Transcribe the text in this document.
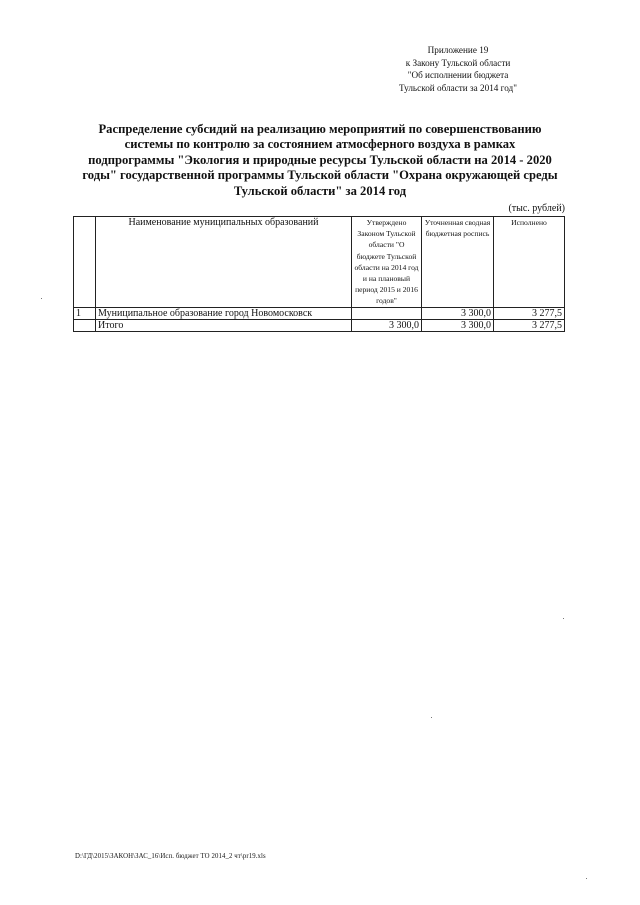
Приложение 19
к Закону Тульской области
"Об исполнении бюджета
Тульской области за 2014 год"
Распределение субсидий на реализацию мероприятий по совершенствованию
системы по контролю за состоянием атмосферного воздуха в рамках
подпрограммы "Экология и природные ресурсы Тульской области на 2014 - 2020
годы" государственной программы Тульской области "Охрана окружающей среды
Тульской области" за 2014 год
(тыс. рублей)
	Наименование муниципальных образований	Утверждено Законом Тульской области "О бюджете Тульской области на 2014 год и на плановый период 2015 и 2016 годов"	Уточненная сводная бюджетная роспись	Исполнено
1	Муниципальное образование город Новомосковск		3 300,0	3 277,5
	Итого	3 300,0	3 300,0	3 277,5
D:\ГД\2015\ЗАКОН\ЗАС_16\Исп. бюджет ТО 2014_2 чт\pr19.xls
